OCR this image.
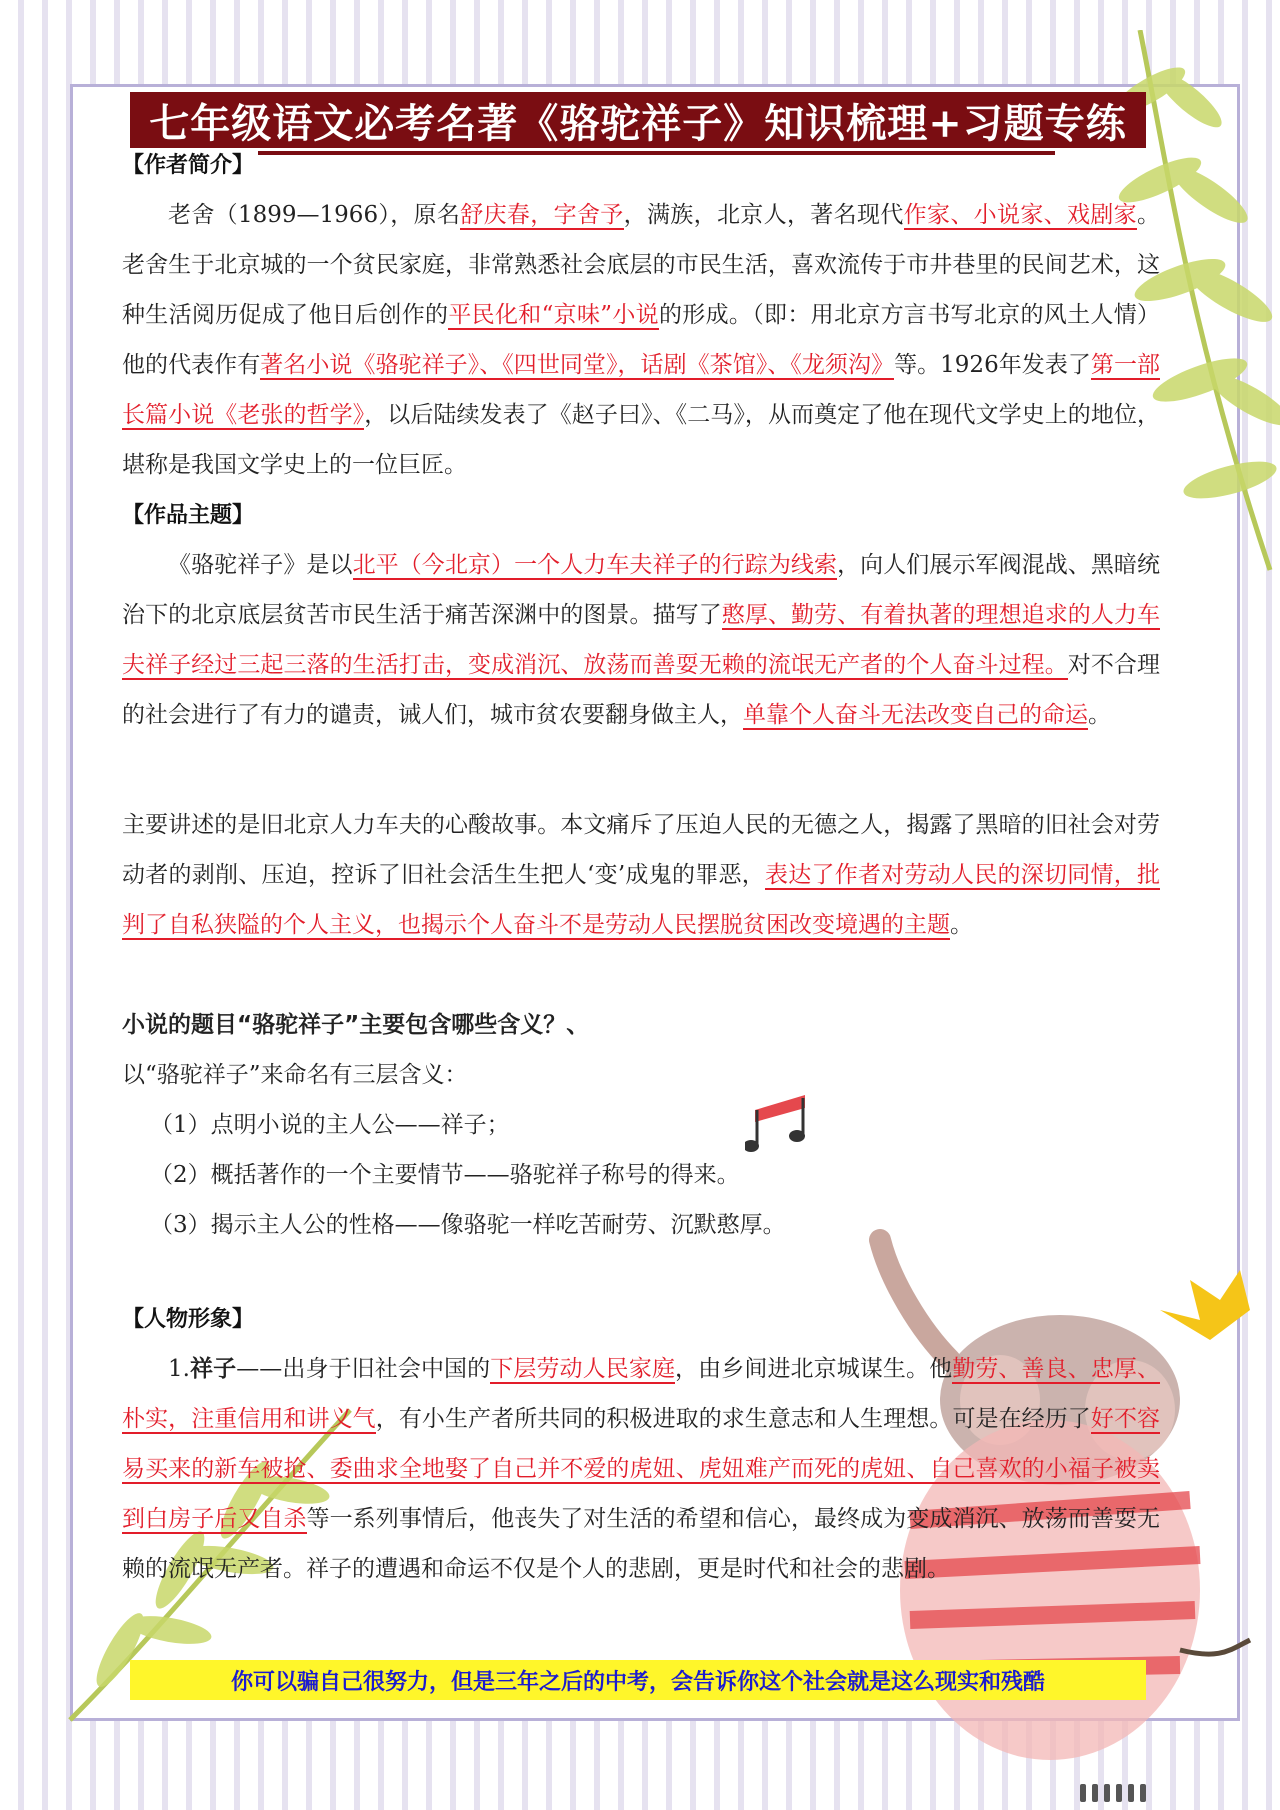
七年级语文必考名著《骆驼祥子》知识梳理+习题专练
【作者简介】
老舍（1899—1966），原名舒庆春，字舍予，满族，北京人，著名现代作家、小说家、戏剧家。老舍生于北京城的一个贫民家庭，非常熟悉社会底层的市民生活，喜欢流传于市井巷里的民间艺术，这种生活阅历促成了他日后创作的平民化和“京味”小说的形成。（即：用北京方言书写北京的风土人情）他的代表作有著名小说《骆驼祥子》、《四世同堂》，话剧《茶馆》、《龙须沟》等。1926年发表了第一部长篇小说《老张的哲学》，以后陆续发表了《赵子曰》、《二马》，从而奠定了他在现代文学史上的地位，堪称是我国文学史上的一位巨匠。
【作品主题】
《骆驼祥子》是以北平（今北京）一个人力车夫祥子的行踪为线索，向人们展示军阀混战、黑暗统治下的北京底层贫苦市民生活于痛苦深渊中的图景。描写了憨厚、勤劳、有着执著的理想追求的人力车夫祥子经过三起三落的生活打击，变成消沉、放荡而善耍无赖的流氓无产者的个人奋斗过程。对不合理的社会进行了有力的谴责，诫人们，城市贫农要翻身做主人，单靠个人奋斗无法改变自己的命运。
主要讲述的是旧北京人力车夫的心酸故事。本文痛斥了压迫人民的无德之人，揭露了黑暗的旧社会对劳动者的剥削、压迫，控诉了旧社会活生生把人‘变’成鬼的罪恶，表达了作者对劳动人民的深切同情，批判了自私狭隘的个人主义，也揭示个人奋斗不是劳动人民摆脱贫困改变境遇的主题。
小说的题目“骆驼祥子”主要包含哪些含义？、
以“骆驼祥子”来命名有三层含义：
（1）点明小说的主人公——祥子；
（2）概括著作的一个主要情节——骆驼祥子称号的得来。
（3）揭示主人公的性格——像骆驼一样吃苦耐劳、沉默憨厚。
【人物形象】
1.祥子——出身于旧社会中国的下层劳动人民家庭，由乡间进北京城谋生。他勤劳、善良、忠厚、朴实，注重信用和讲义气，有小生产者所共同的积极进取的求生意志和人生理想。可是在经历了好不容易买来的新车被抢、委曲求全地娶了自己并不爱的虎妞、虎妞难产而死的虎妞、自己喜欢的小福子被卖到白房子后又自杀等一系列事情后，他丧失了对生活的希望和信心，最终成为变成消沉、放荡而善耍无赖的流氓无产者。祥子的遭遇和命运不仅是个人的悲剧，更是时代和社会的悲剧。
你可以骗自己很努力，但是三年之后的中考，会告诉你这个社会就是这么现实和残酷
